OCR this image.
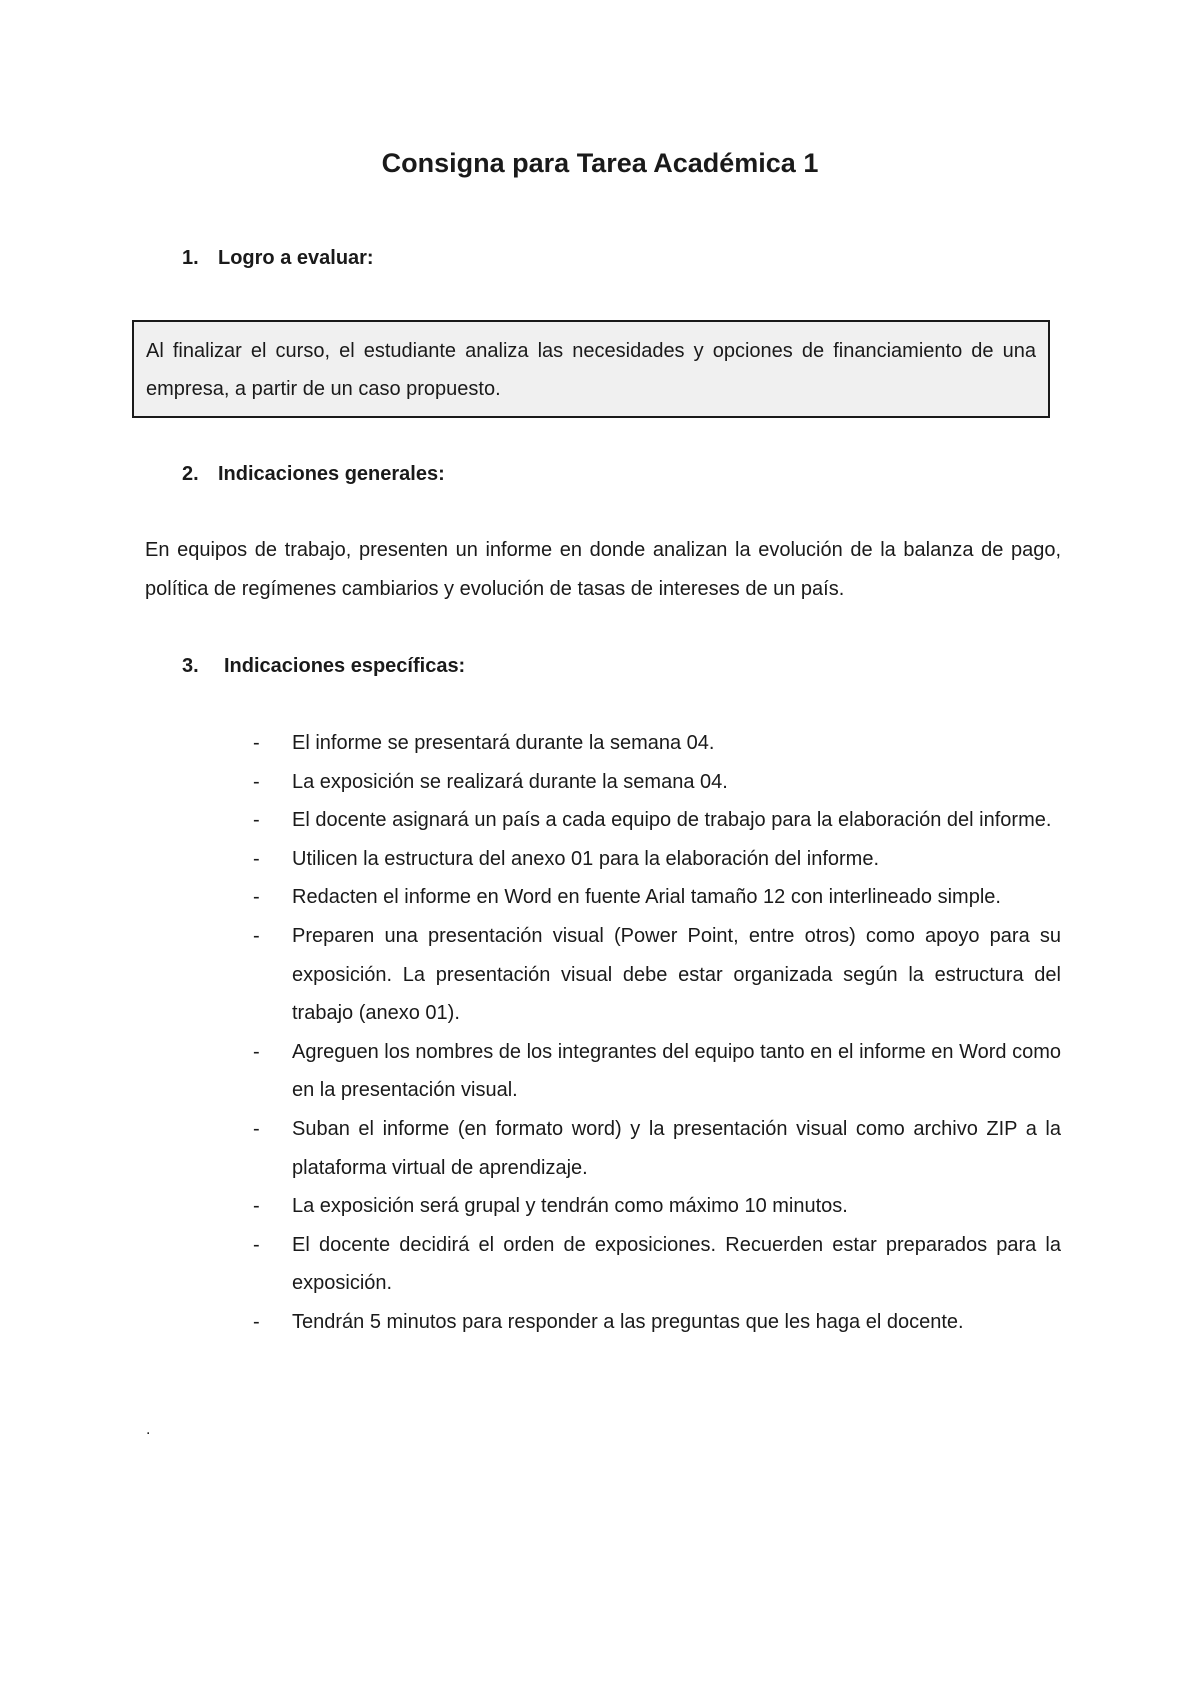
Consigna para Tarea Académica 1
1. Logro a evaluar:
Al finalizar el curso, el estudiante analiza las necesidades y opciones de financiamiento de una empresa, a partir de un caso propuesto.
2. Indicaciones generales:

En equipos de trabajo, presenten un informe en donde analizan la evolución de la balanza de pago, política de regímenes cambiarios y evolución de tasas de intereses de un país.

3. Indicaciones específicas:
- El informe se presentará durante la semana 04.
- La exposición se realizará durante la semana 04.
- El docente asignará un país a cada equipo de trabajo para la elaboración del informe.
- Utilicen la estructura del anexo 01 para la elaboración del informe.
- Redacten el informe en Word en fuente Arial tamaño 12 con interlineado simple.
- Preparen una presentación visual (Power Point, entre otros) como apoyo para su exposición. La presentación visual debe estar organizada según la estructura del trabajo (anexo 01).
- Agreguen los nombres de los integrantes del equipo tanto en el informe en Word como en la presentación visual.
- Suban el informe (en formato word) y la presentación visual como archivo ZIP a la plataforma virtual de aprendizaje.
- La exposición será grupal y tendrán como máximo 10 minutos.
- El docente decidirá el orden de exposiciones. Recuerden estar preparados para la exposición.
- Tendrán 5 minutos para responder a las preguntas que les haga el docente.
.
